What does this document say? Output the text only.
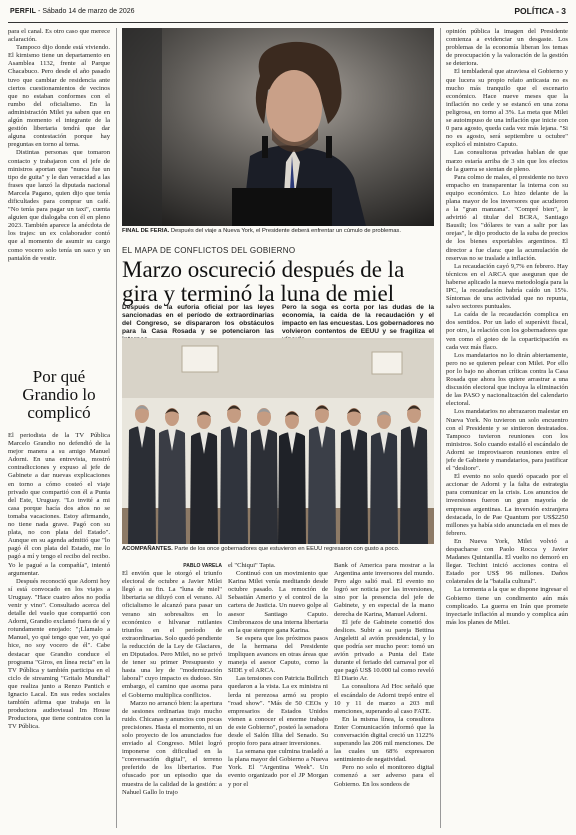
PERFIL - Sábado 14 de marzo de 2026	POLÍTICA - 3

para el canal. Es otro caso que merece aclaración.

Tampoco dijo donde está viviendo. El kirnismo tiene un departamento en Asamblea 1132, frente al Parque Chacabuco. Pero desde el año pasado tuvo que cambiar de residencia ante ciertos cuestionamientos de vecinos que no estaban conformes con el rumbo del oficialismo. En la administración Milei ya saben que en algún momento el integrante de la gestión libertaria tendrá que dar alguna contestación porque hay preguntas en torno al tema.

Distintas personas que tomaron contacto y trabajaron con el jefe de ministros aportan que "nunca fue un tipo de guita" y le dan veracidad a las frases que lanzó la diputada nacional Marcela Pagano, quien dijo que tenía dificultades para comprar un café. "No tenía para pagar un taxi", cuenta alguien que dialogaba con él en pleno 2023. También aparece la anécdota de los trajes: un ex colaborador contó que al momento de asumir su cargo como vocero solo tenía un saco y un pantalón de vestir.

Por qué Grandio lo complicó

El periodista de la TV Pública Marcelo Grandio no defendió de la mejor manera a su amigo Manuel Adorni. En una entrevista, mostró contradicciones y expuso al jefe de Gabinete a dar nuevas explicaciones en torno a cómo costeó el viaje privado que compartió con él a Punta del Este, Uruguay. "Lo invité a mi casa porque hacía dos años no se tomaba vacaciones. Estoy afirmando, no tiene nada grave. Pagó con su plata, no con plata del Estado". Aunque en su agenda admitió que "lo pagó él con plata del Estado, me lo pagó a mí y tengo el recibo del recibo. Yo le pagué a la compañía", intentó argumentar.

Después reconoció que Adorni hoy sí está convocado en los viajes a Uruguay. "Hace cuatro años no podía venir y vino". Consultado acerca del detalle del vuelo que compartió con Adorni, Grandio exclamó fuera de sí y rotundamente enojado: "¡Llamalo a Manuel, yo qué tengo que ver, yo qué hice, no soy vocero de él". Cabe destacar que Grandio conduce el programa "Giros, en línea recta" en la TV Pública y también participa en el ciclo de streaming "Gritalo Mundial" que realiza junto a Renzo Pantich e Ignacio Lacal. En sus redes sociales también afirma que trabaja en la productora audiovisual Im House Productora, que tiene contratos con la TV Pública.

FINAL DE FERIA. Después del viaje a Nueva York, el Presidente deberá enfrentar un cúmulo de problemas.
EL MAPA DE CONFLICTOS DEL GOBIERNO
Marzo oscureció después de la gira y terminó la luna de miel
Después de la euforia oficial por las leyes sancionadas en el período de extraordinarias del Congreso, se dispararon los obstáculos para la Casa Rosada y se potenciaron las
Pero la soga es corta por las dudas de la economía, la caída de la recaudación y el impacto en las encuestas. Los gobernadores no volvieron contentos de EEUU y se fragiliza el
ACOMPAÑANTES. Parte de los once gobernadores que estuvieron en EEUU regresaron con gusto a poco.
PABLO VARELA

El envión que le otorgó el triunfo electoral de octubre a Javier Milei llegó a su fin. La "luna de miel" libertaria se diluyó con el verano. Al oficialismo le alcanzó para pasar un verano sin sobresaltos en lo económico e hilvanar rutilantes triunfos en el período de extraordinarias. Solo quedó pendiente la reducción de la Ley de Glaciares, en Diputados. Pero Milei, no se privó de tener su primer Presupuesto y hasta una ley de "modernización laboral" cuyo impacto es dudoso. Sin embargo, el camino que asoma para el Gobierno multiplica conflictos.

Marzo no arrancó bien: la apertura de sesiones ordinarias trajo mucho ruido. Chicanas y anuncios con pocas precisiones. Hasta el momento, ni un solo proyecto de los anunciados fue enviado al Congreso. Milei logró imponerse con dificultad en la "conversación digital", el terreno preferido de los libertarios. Fue ofuscado por un episodio que da muestra de la calidad de la gestión: a Nahuel Gallo lo trajo

el "Chiqui" Tapia.

Continuó con un movimiento que Karina Milei venía meditando desde octubre pasado. La remoción de Sebastián Amerio y el control de la cartera de Justicia. Un nuevo golpe al asesor Santiago Caputo. Cimbronazos de una interna libertaria en la que siempre gana Karina.

Se espera que los próximos pasos de la hermana del Presidente impliquen avances en otras áreas que maneja el asesor Caputo, como la SIDE y el ARCA.

Las tensiones con Patricia Bullrich quedaron a la vista. La ex ministra ni lerda ni perezosa armó su propio "road show". "Más de 50 CEOs y empresarios de Estados Unidos vienen a conocer el enorme trabajo de este Gobierno", posteó la senadora desde el Salón Illia del Senado. Su propio foro para atraer inversiones.

La semana que culmina trasladó a la plana mayor del Gobierno a Nueva York. El "Argentina Week". Un evento organizado por el JP Morgan y por el

Bank of America para mostrar a la Argentina ante inversores del mundo. Pero algo salió mal. El evento no logró ser noticia por las inversiones, sino por la presencia del jefe de Gabinete, y en especial de la mano derecha de Karina, Manuel Adorni.

El jefe de Gabinete cometió dos deslices. Subir a su pareja Bettina Angeletti al avión presidencial, y lo que podría ser mucho peor: tomó un avión privado a Punta del Este durante el feriado del carnaval por el que pagó US$ 10.000 tal como reveló El Diario Ar.

La consultora Ad Hoc señaló que el escándalo de Adorni trepó entre el 10 y 11 de marzo a 203 mil menciones, superando al caso FATE.

En la misma línea, la consultora Enter Comunicación informó que la conversación digital creció un 1122% superando las 206 mil menciones. De las cuales un 68% expresaron sentimiento de negatividad.

Pero no solo el monitoreo digital comenzó a ser adverso para el Gobierno. En los sondeos de

opinión pública la imagen del Presidente comienza a evidenciar un desgaste. Los problemas de la economía liberan los temas de preocupación y la valoración de la gestión se deteriora.

El tembladeral que atraviesa el Gobierno y que lucera su propio relato anticasta no es mucho más tranquilo que el escenario económico. Hace nueve meses que la inflación no cede y se estancó en una zona peligrosa, en torno al 3%. La meta que Milei se autoimpuso de una inflación que inicie con 0 para agosto, queda cada vez más lejana. "Si no es agosto, será septiembre u octubre" explicó el ministro Caputo.

Las consultoras privadas hablan de que marzo estaría arriba de 3 sin que los efectos de la guerra se sientan de pleno.

Para colmo de males, el presidente no tuvo empacho en transparentar la interna con su equipo económico. Lo hizo delante de la plana mayor de los inversores que acudieron a la "gran manzana". "Compré bien", le advirtió al titular del BCRA, Santiago Bausili; los "dólares te van a salir por las orejas", le dijo producto de la suba de precios de los bienes exportables argentinos. El director a fue clara: que la acumulación de reservas no se traslade a inflación.

La recaudación cayó 9,7% en febrero. Hay técnicos en el ARCA que aseguran que de haberse aplicado la nueva metodología para la IPC, la recaudación habría caído un 15%. Síntomas de una actividad que no repunta, salvo sectores puntuales.

La caída de la recaudación complica en dos sentidos. Por un lado el superávit fiscal, por otro, la relación con los gobernadores que ven como el goteo de la coparticipación es cada vez más flaco.

Los mandatarios no lo dirán abiertamente, pero no se quieren pelear con Milei. Por ello por lo bajo no ahorran críticas contra la Casa Rosada que ahora los quiere arrastrar a una discusión electoral que incluya la eliminación de las PASO y nacionalización del calendario electoral.

Los mandatarios no abrrazaron malestar en Nueva York. No tuvieron un solo encuentro con el Presidente y se sintieron destratados. Tampoco tuvieron reuniones con los ministros. Solo cuando estalló el escándalo de Adorni se improvisaron reuniones entre el jefe de Gabinete y mandatarios, para justificar el "desliore".

El evento no solo quedó opacado por el accionar de Adorni y la falta de estrategia para comunicar en la crisis. Los anuncios de inversiones fueron un gran mayoría de empresas argentinas. La inversión extranjera destacada, lo de Pae Quantum por US$2250 millones ya había sido anunciada en el mes de febrero.

En Nueva York, Milei volvió a despacharse con Paolo Rocca y Javier Madanes Quintanilla. El vuelto no demoró en llegar. Techint inició acciones contra el Estado por US$ 96 millones. Daños colaterales de la "batalla cultural".

La tormenta a la que se dispone ingresar el Gobierno tiene un condimento aún más complicado. La guerra en Irán que promete inyectarle inflación al mundo y complica aún más los planes de Milei.
